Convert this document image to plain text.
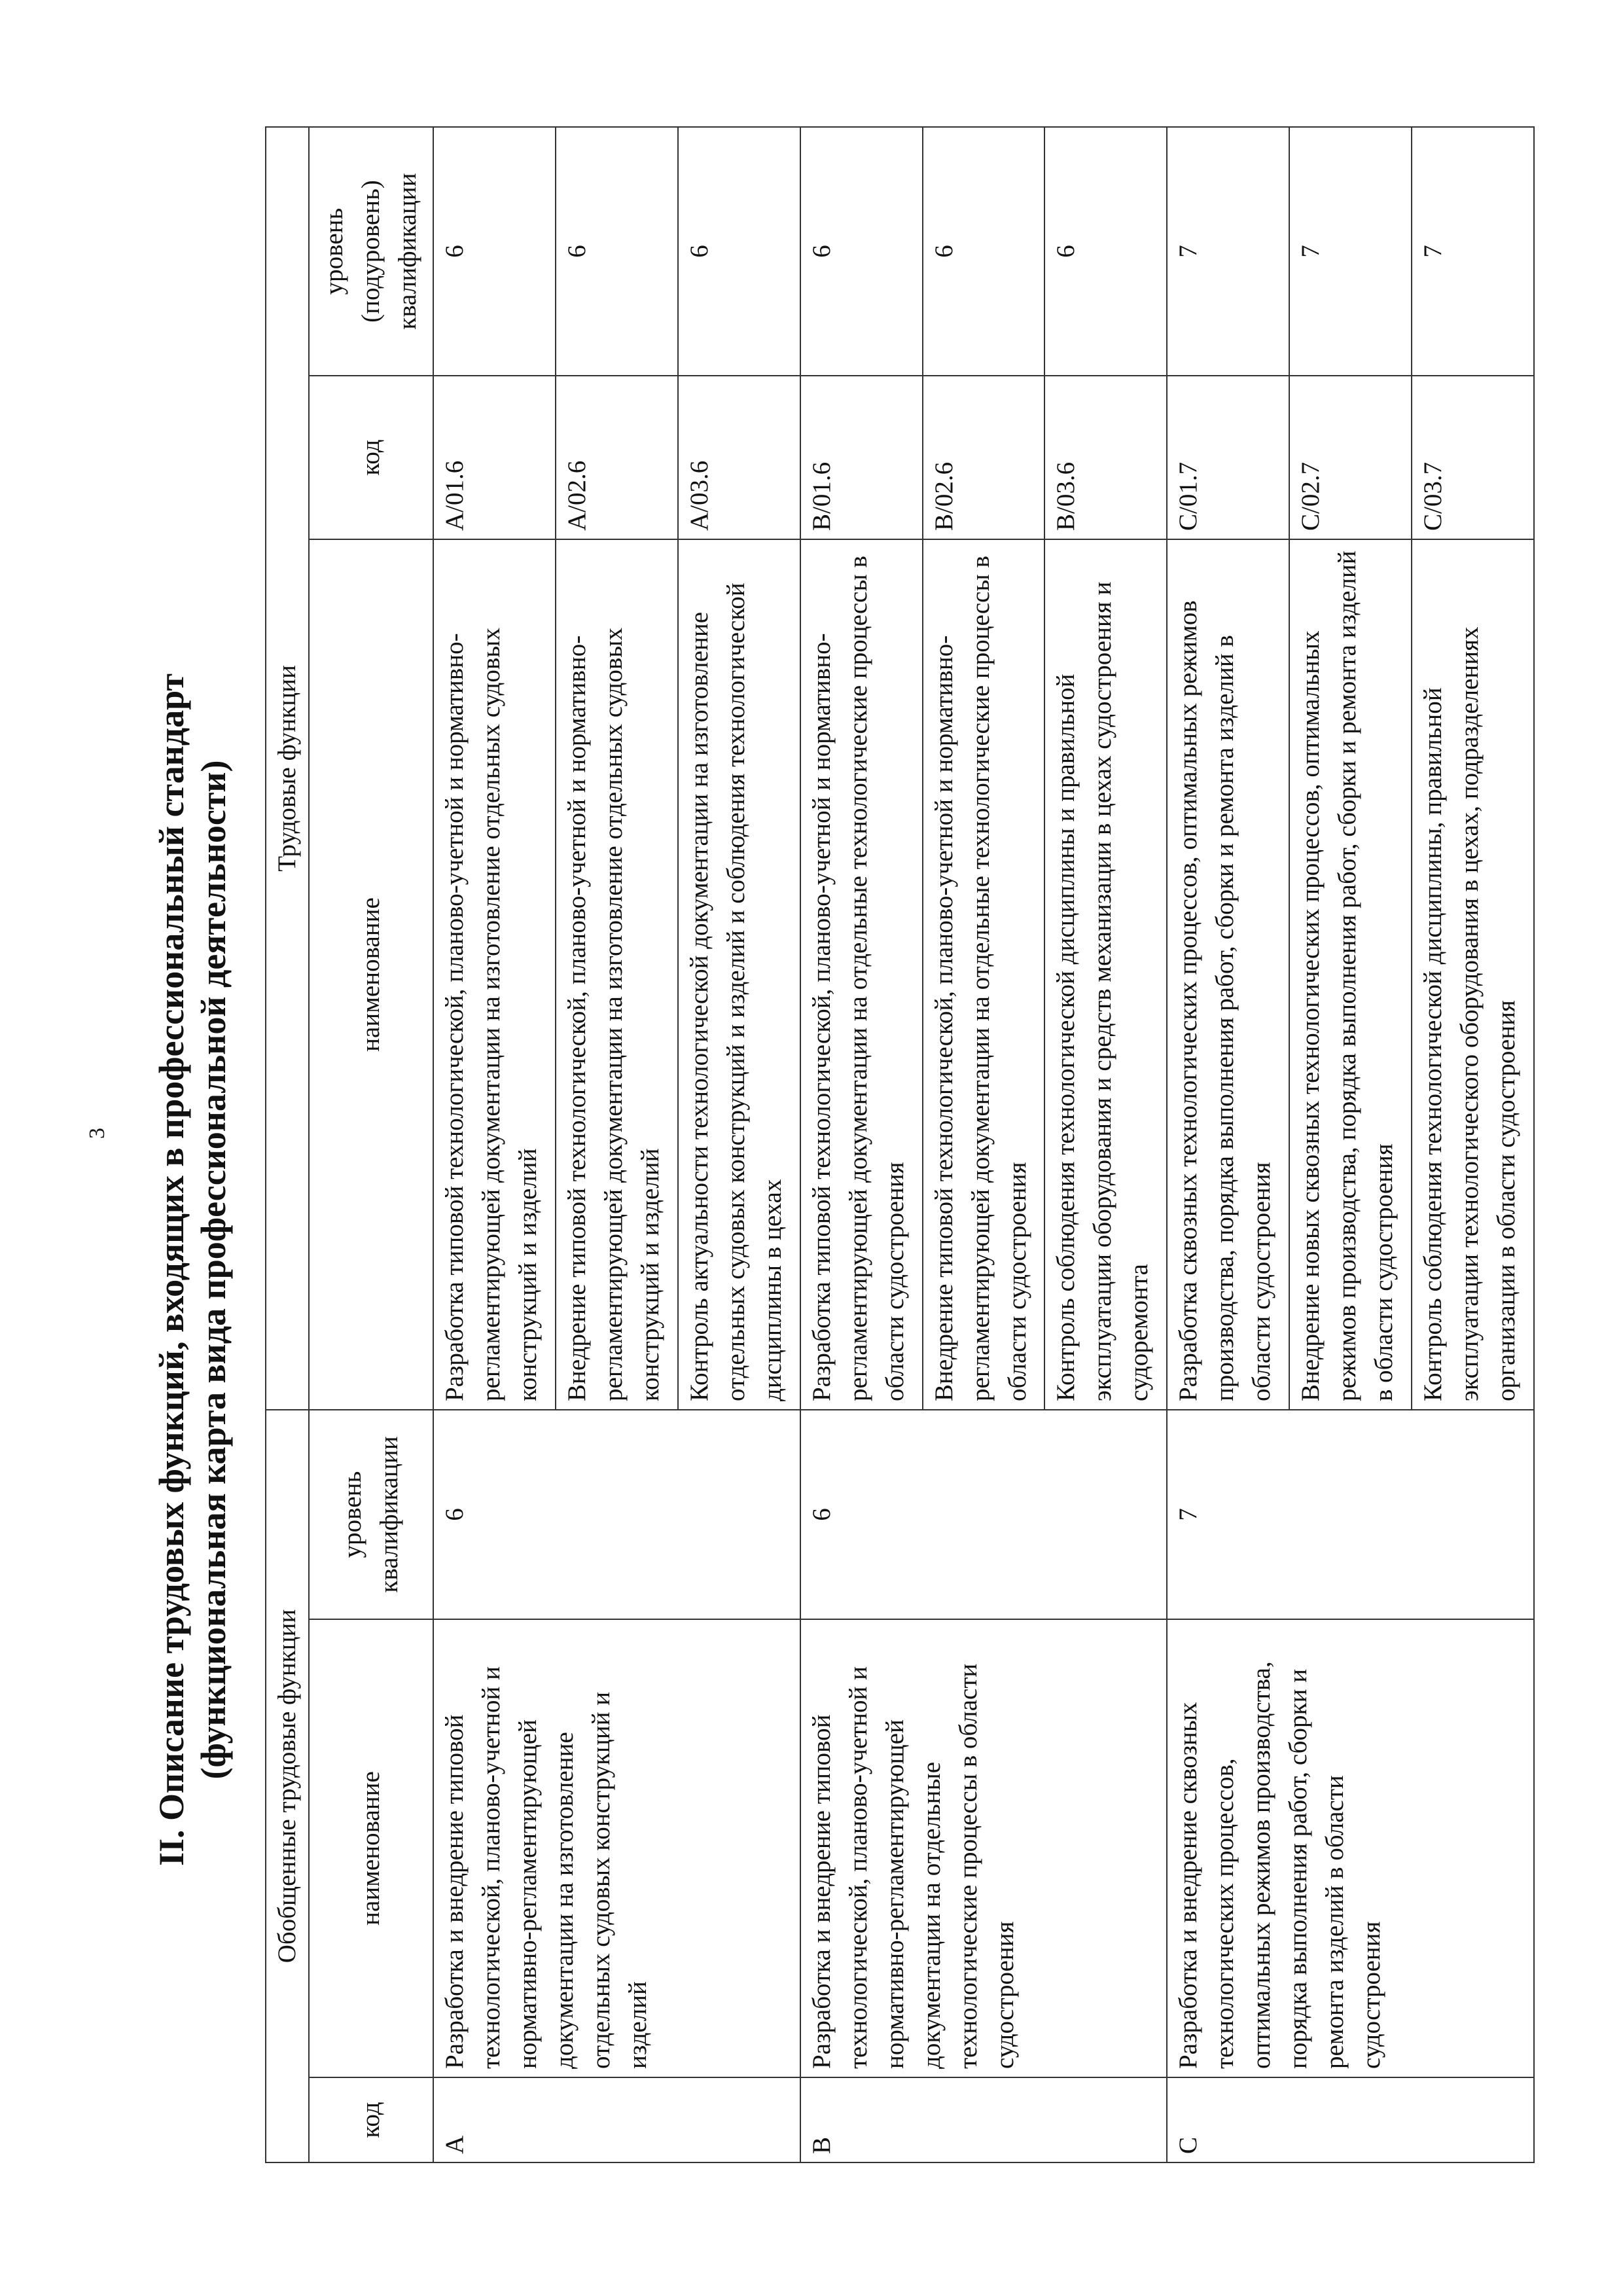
3 II. Описание трудовых функций, входящих в профессиональный стандарт (функциональная карта вида профессиональной деятельности)
Обобщенные трудовые функции			Трудовые функции		
код	наименование	уровень квалификации	наименование	код	уровень (подуровень) квалификации
А	Разработка и внедрение типовой технологической, планово-учетной и нормативно-регламентирующей документации на изготовление отдельных судовых конструкций и изделий	6	Разработка типовой технологической, планово-учетной и нормативно-регламентирующей документации на изготовление отдельных судовых конструкций и изделий	А/01.6	6
			Внедрение типовой технологической, планово-учетной и нормативно-регламентирующей документации на изготовление отдельных судовых конструкций и изделий	А/02.6	6
			Контроль актуальности технологической документации на изготовление отдельных судовых конструкций и изделий и соблюдения технологической дисциплины в цехах	А/03.6	6
В	Разработка и внедрение типовой технологической, планово-учетной и нормативно-регламентирующей документации на отдельные технологические процессы в области судостроения	6	Разработка типовой технологической, планово-учетной и нормативно-регламентирующей документации на отдельные технологические процессы в области судостроения	В/01.6	6
			Внедрение типовой технологической, планово-учетной и нормативно-регламентирующей документации на отдельные технологические процессы в области судостроения	В/02.6	6
			Контроль соблюдения технологической дисциплины и правильной эксплуатации оборудования и средств механизации в цехах судостроения и судоремонта	В/03.6	6
С	Разработка и внедрение сквозных технологических процессов, оптимальных режимов производства, порядка выполнения работ, сборки и ремонта изделий в области судостроения	7	Разработка сквозных технологических процессов, оптимальных режимов производства, порядка выполнения работ, сборки и ремонта изделий в области судостроения	С/01.7	7
			Внедрение новых сквозных технологических процессов, оптимальных режимов производства, порядка выполнения работ, сборки и ремонта изделий в области судостроения	С/02.7	7
			Контроль соблюдения технологической дисциплины, правильной эксплуатации технологического оборудования в цехах, подразделениях организации в области судостроения	С/03.7	7
